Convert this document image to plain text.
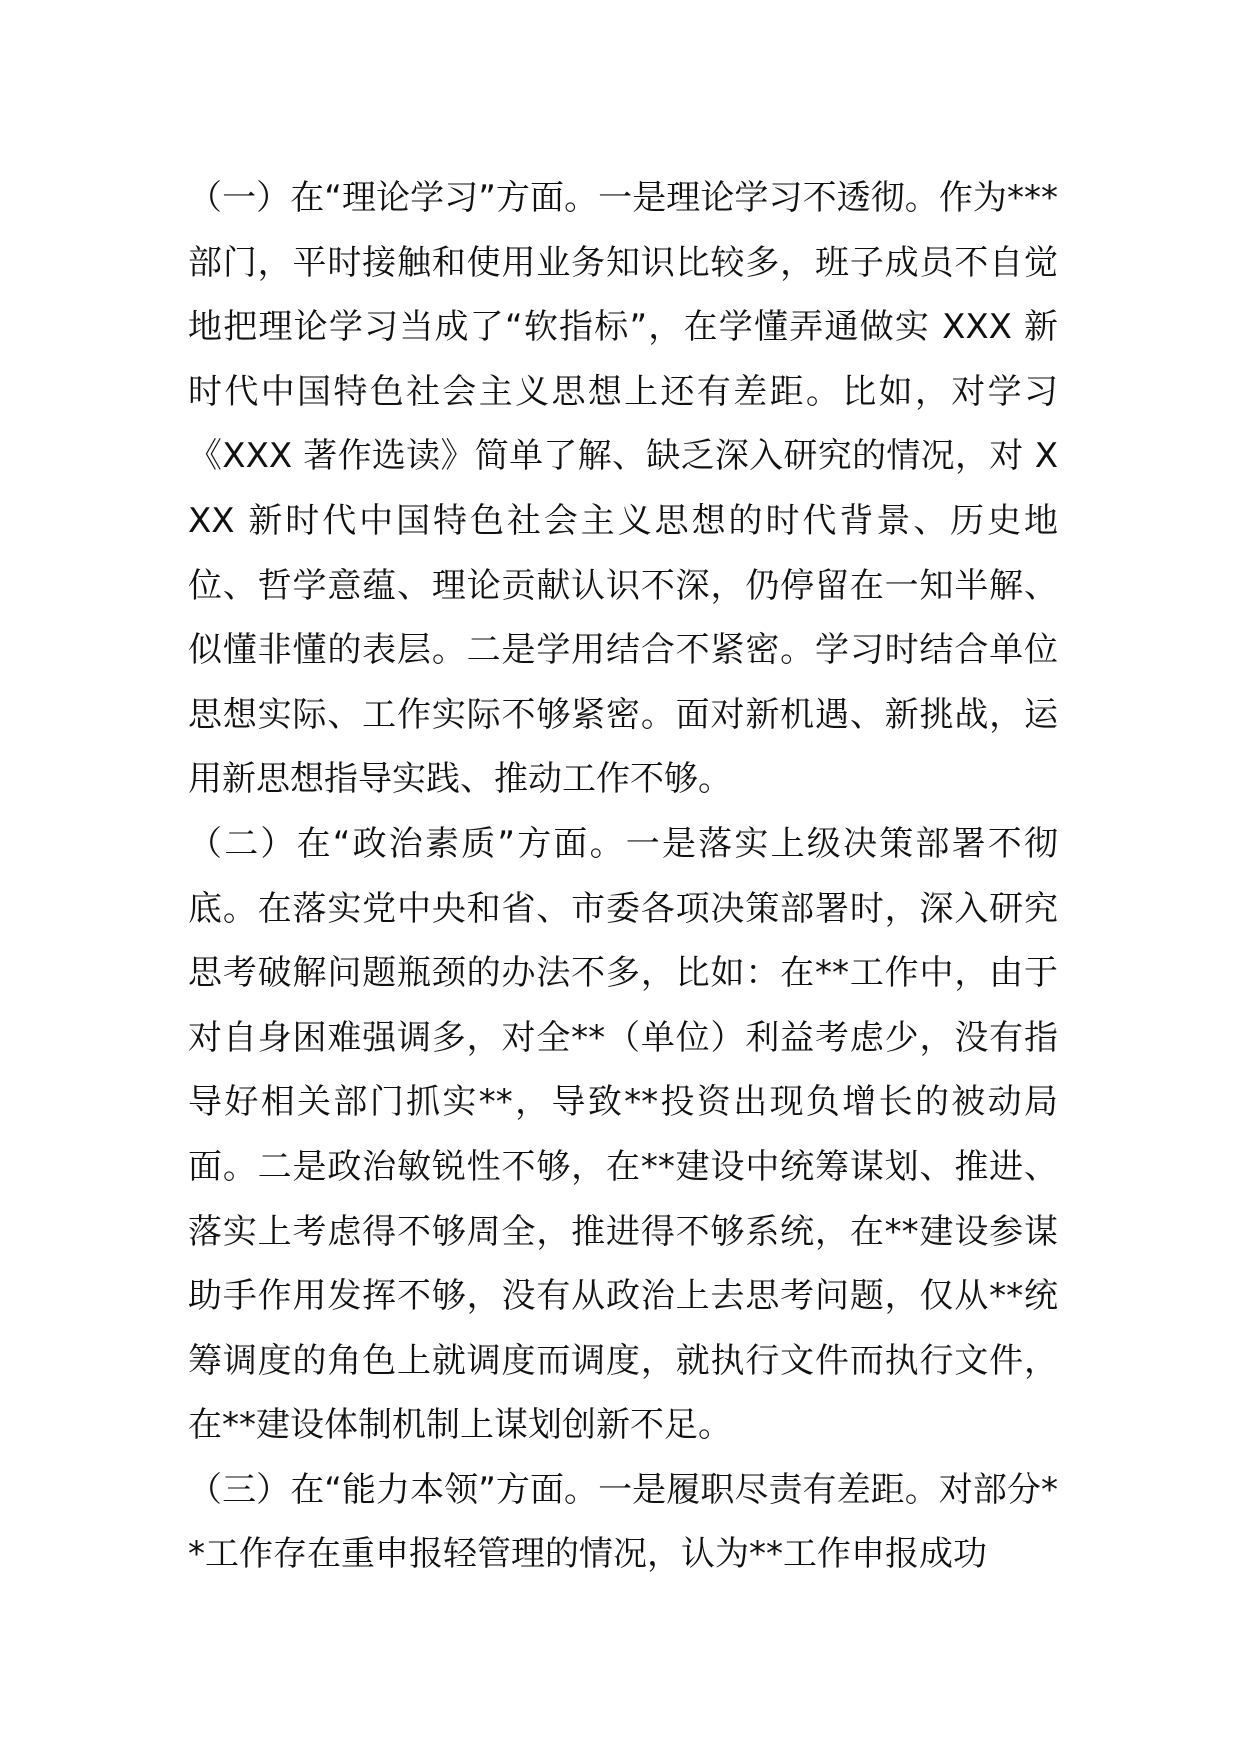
（一）在“理论学习”方面。一是理论学习不透彻。作为***部门，平时接触和使用业务知识比较多，班子成员不自觉地把理论学习当成了“软指标”，在学懂弄通做实 XXX 新时代中国特色社会主义思想上还有差距。比如，对学习《XXX 著作选读》简单了解、缺乏深入研究的情况，对 XXX 新时代中国特色社会主义思想的时代背景、历史地位、哲学意蕴、理论贡献认识不深，仍停留在一知半解、似懂非懂的表层。二是学用结合不紧密。学习时结合单位思想实际、工作实际不够紧密。面对新机遇、新挑战，运用新思想指导实践、推动工作不够。

（二）在“政治素质”方面。一是落实上级决策部署不彻底。在落实党中央和省、市委各项决策部署时，深入研究思考破解问题瓶颈的办法不多，比如：在**工作中，由于对自身困难强调多，对全**（单位）利益考虑少，没有指导好相关部门抓实**，导致**投资出现负增长的被动局面。二是政治敏锐性不够，在**建设中统筹谋划、推进、落实上考虑得不够周全，推进得不够系统，在**建设参谋助手作用发挥不够，没有从政治上去思考问题，仅从**统筹调度的角色上就调度而调度，就执行文件而执行文件，在**建设体制机制上谋划创新不足。

（三）在“能力本领”方面。一是履职尽责有差距。对部分**工作存在重申报轻管理的情况，认为**工作申报成功
